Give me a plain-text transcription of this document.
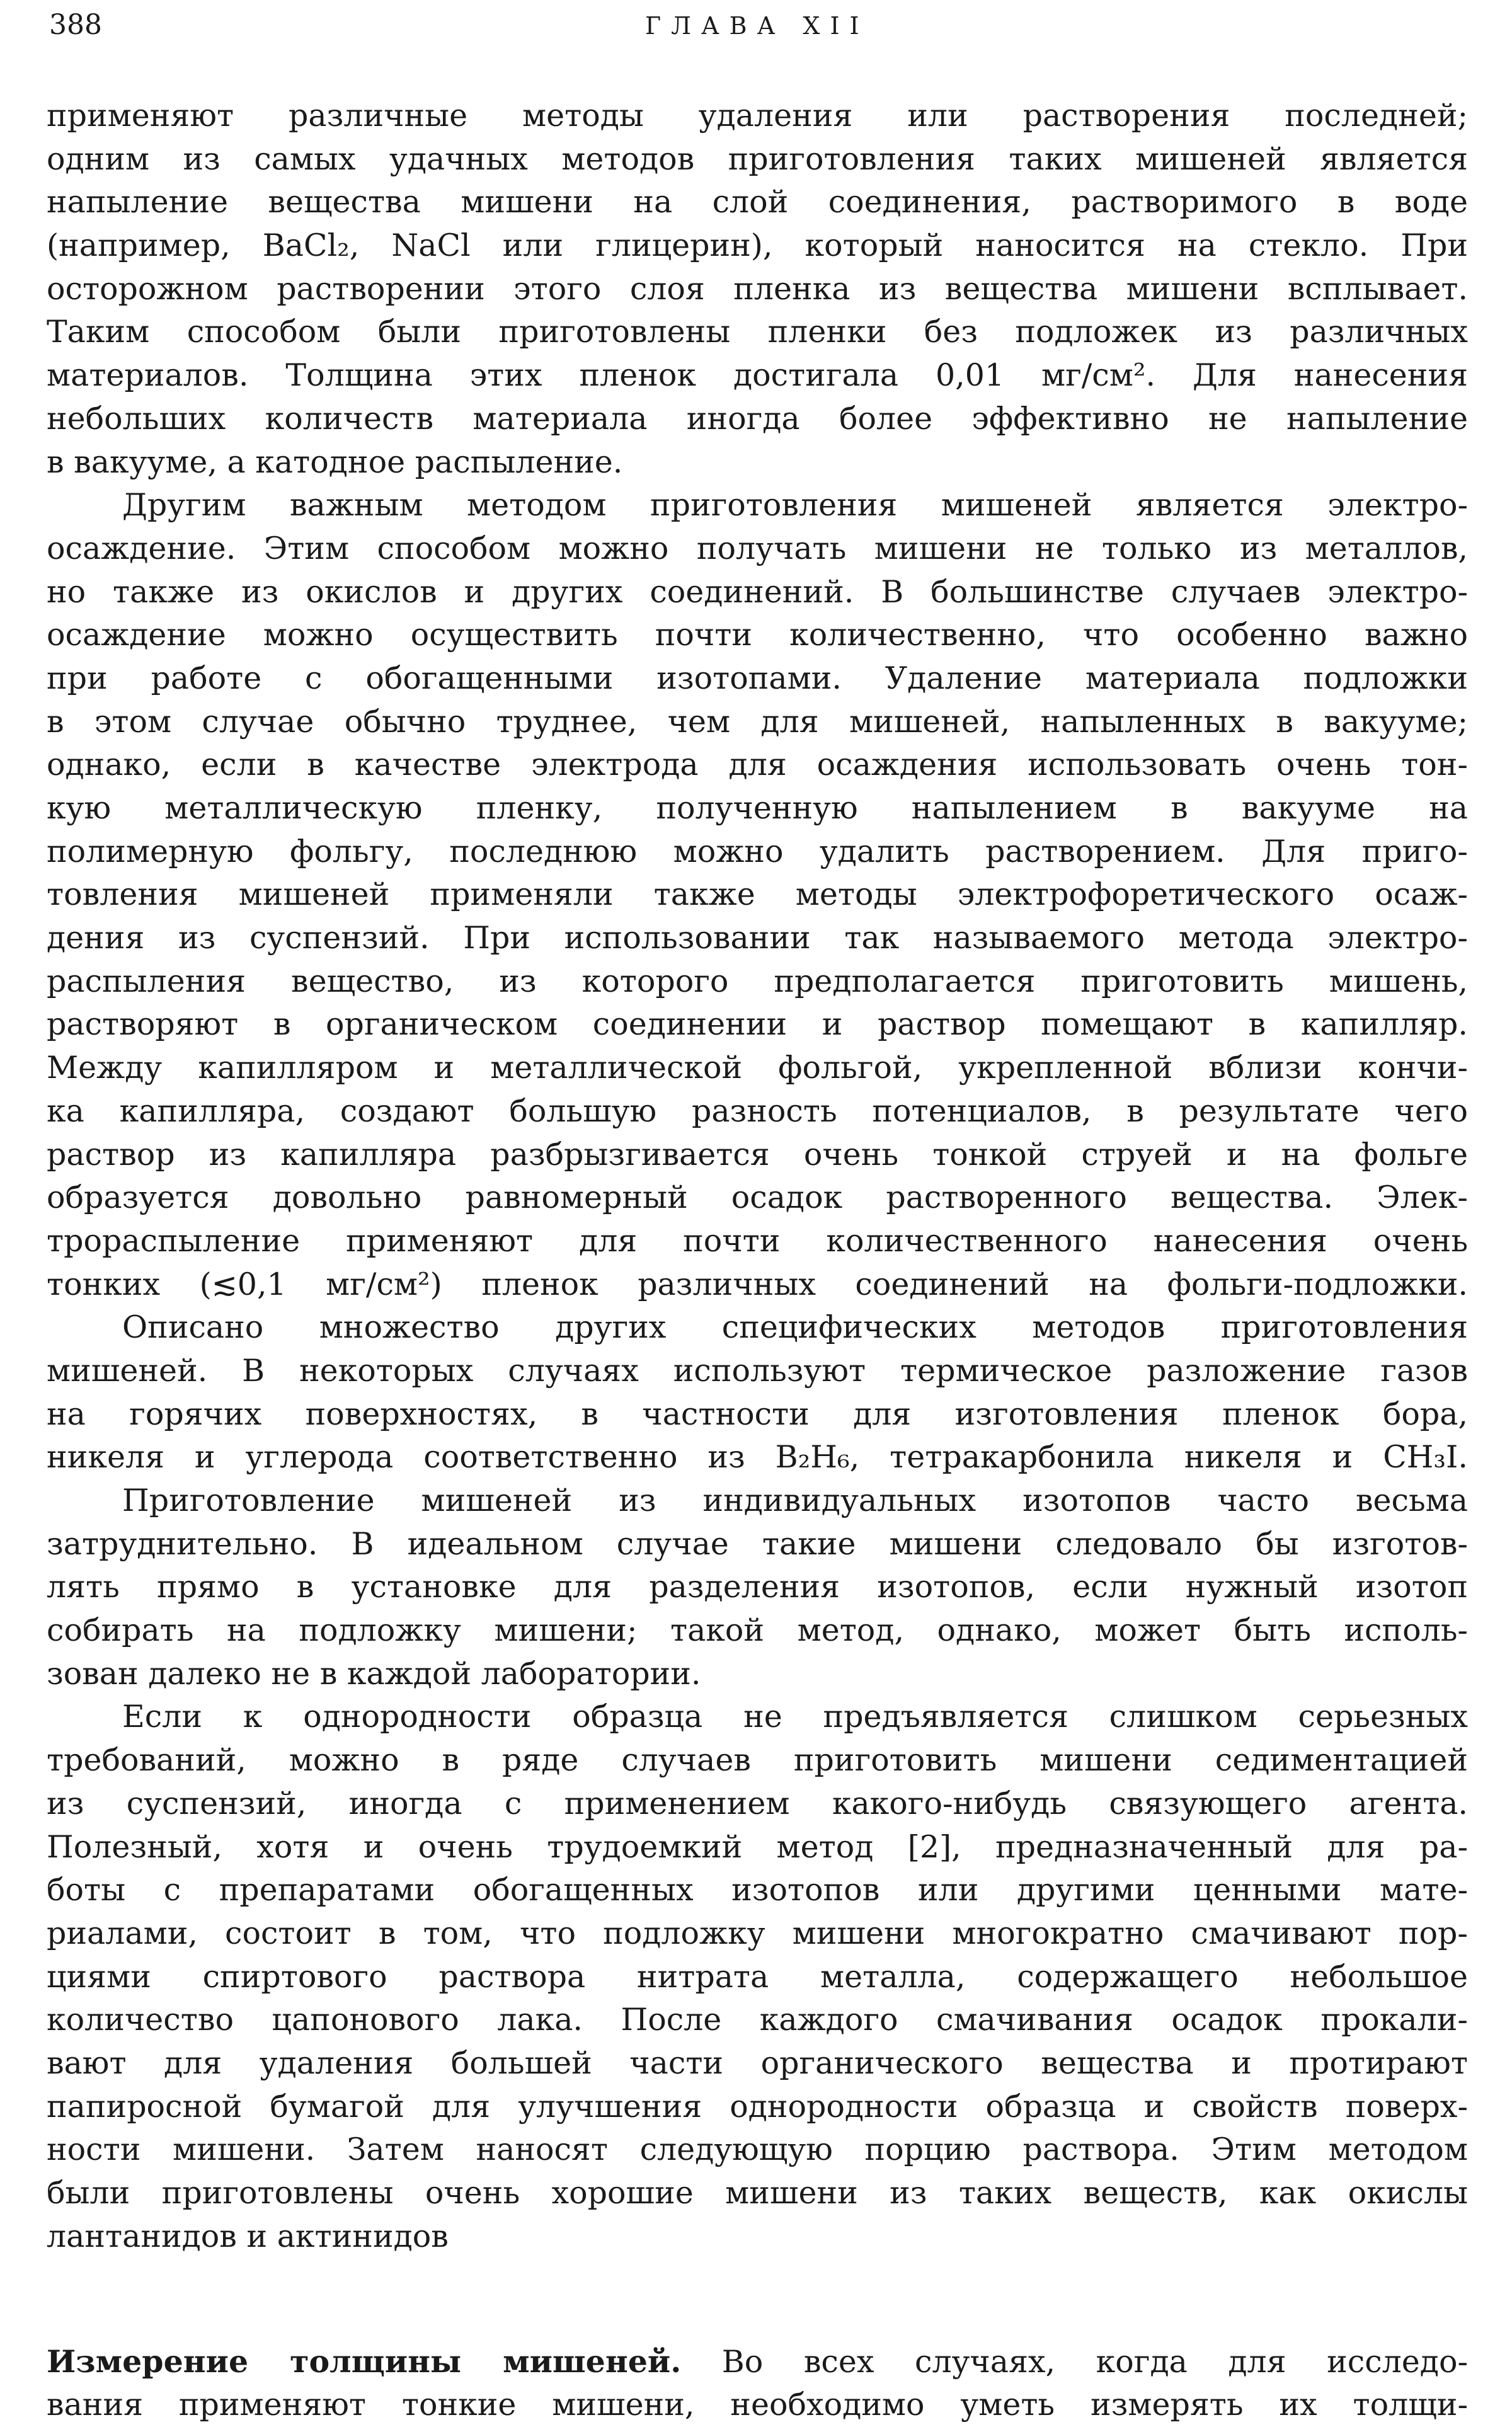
388	ГЛАВА XII
применяют различные методы удаления или растворения последней;
одним из самых удачных методов приготовления таких мишеней является
напыление вещества мишени на слой соединения, растворимого в воде
(например, BaCl₂, NaCl или глицерин), который наносится на стекло. При
осторожном растворении этого слоя пленка из вещества мишени всплывает.
Таким способом были приготовлены пленки без подложек из различных
материалов. Толщина этих пленок достигала 0,01 мг/см². Для нанесения
небольших количеств материала иногда более эффективно не напыление
в вакууме, а катодное распыление.
Другим важным методом приготовления мишеней является электро-
осаждение. Этим способом можно получать мишени не только из металлов,
но также из окислов и других соединений. В большинстве случаев электро-
осаждение можно осуществить почти количественно, что особенно важно
при работе с обогащенными изотопами. Удаление материала подложки
в этом случае обычно труднее, чем для мишеней, напыленных в вакууме;
однако, если в качестве электрода для осаждения использовать очень тон-
кую металлическую пленку, полученную напылением в вакууме на
полимерную фольгу, последнюю можно удалить растворением. Для приго-
товления мишеней применяли также методы электрофоретического осаж-
дения из суспензий. При использовании так называемого метода электро-
распыления вещество, из которого предполагается приготовить мишень,
растворяют в органическом соединении и раствор помещают в капилляр.
Между капилляром и металлической фольгой, укрепленной вблизи кончи-
ка капилляра, создают большую разность потенциалов, в результате чего
раствор из капилляра разбрызгивается очень тонкой струей и на фольге
образуется довольно равномерный осадок растворенного вещества. Элек-
трораспыление применяют для почти количественного нанесения очень
тонких (≲0,1 мг/см²) пленок различных соединений на фольги-подложки.
Описано множество других специфических методов приготовления
мишеней. В некоторых случаях используют термическое разложение газов
на горячих поверхностях, в частности для изготовления пленок бора,
никеля и углерода соответственно из B₂H₆, тетракарбонила никеля и CH₃I.
Приготовление мишеней из индивидуальных изотопов часто весьма
затруднительно. В идеальном случае такие мишени следовало бы изготов-
лять прямо в установке для разделения изотопов, если нужный изотоп
собирать на подложку мишени; такой метод, однако, может быть исполь-
зован далеко не в каждой лаборатории.
Если к однородности образца не предъявляется слишком серьезных
требований, можно в ряде случаев приготовить мишени седиментацией
из суспензий, иногда с применением какого-нибудь связующего агента.
Полезный, хотя и очень трудоемкий метод [2], предназначенный для ра-
боты с препаратами обогащенных изотопов или другими ценными мате-
риалами, состоит в том, что подложку мишени многократно смачивают пор-
циями спиртового раствора нитрата металла, содержащего небольшое
количество цапонового лака. После каждого смачивания осадок прокали-
вают для удаления большей части органического вещества и протирают
папиросной бумагой для улучшения однородности образца и свойств поверх-
ности мишени. Затем наносят следующую порцию раствора. Этим методом
были приготовлены очень хорошие мишени из таких веществ, как окислы
лантанидов и актинидов
Измерение толщины мишеней. Во всех случаях, когда для исследо-
вания применяют тонкие мишени, необходимо уметь измерять их толщи-
